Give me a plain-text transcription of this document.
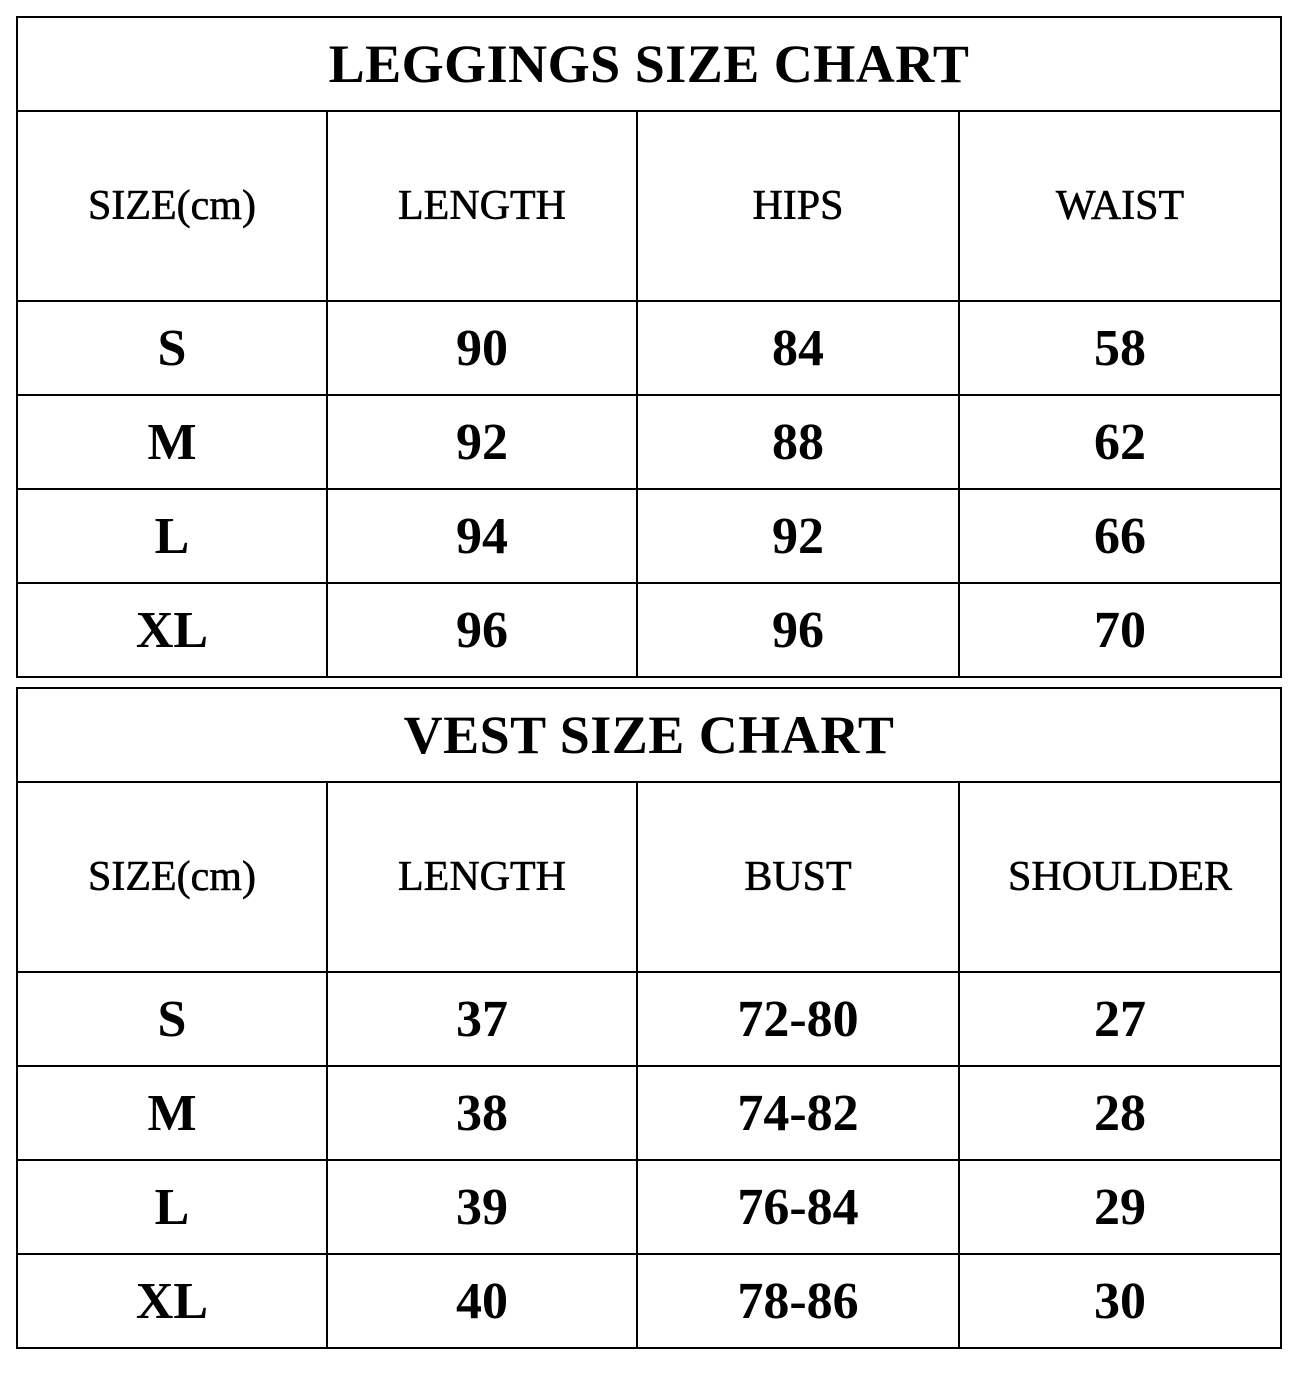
LEGGINGS SIZE CHART			
SIZE(cm)	LENGTH	HIPS	WAIST
S	90	84	58
M	92	88	62
L	94	92	66
XL	96	96	70
VEST SIZE CHART			
SIZE(cm)	LENGTH	BUST	SHOULDER
S	37	72-80	27
M	38	74-82	28
L	39	76-84	29
XL	40	78-86	30
